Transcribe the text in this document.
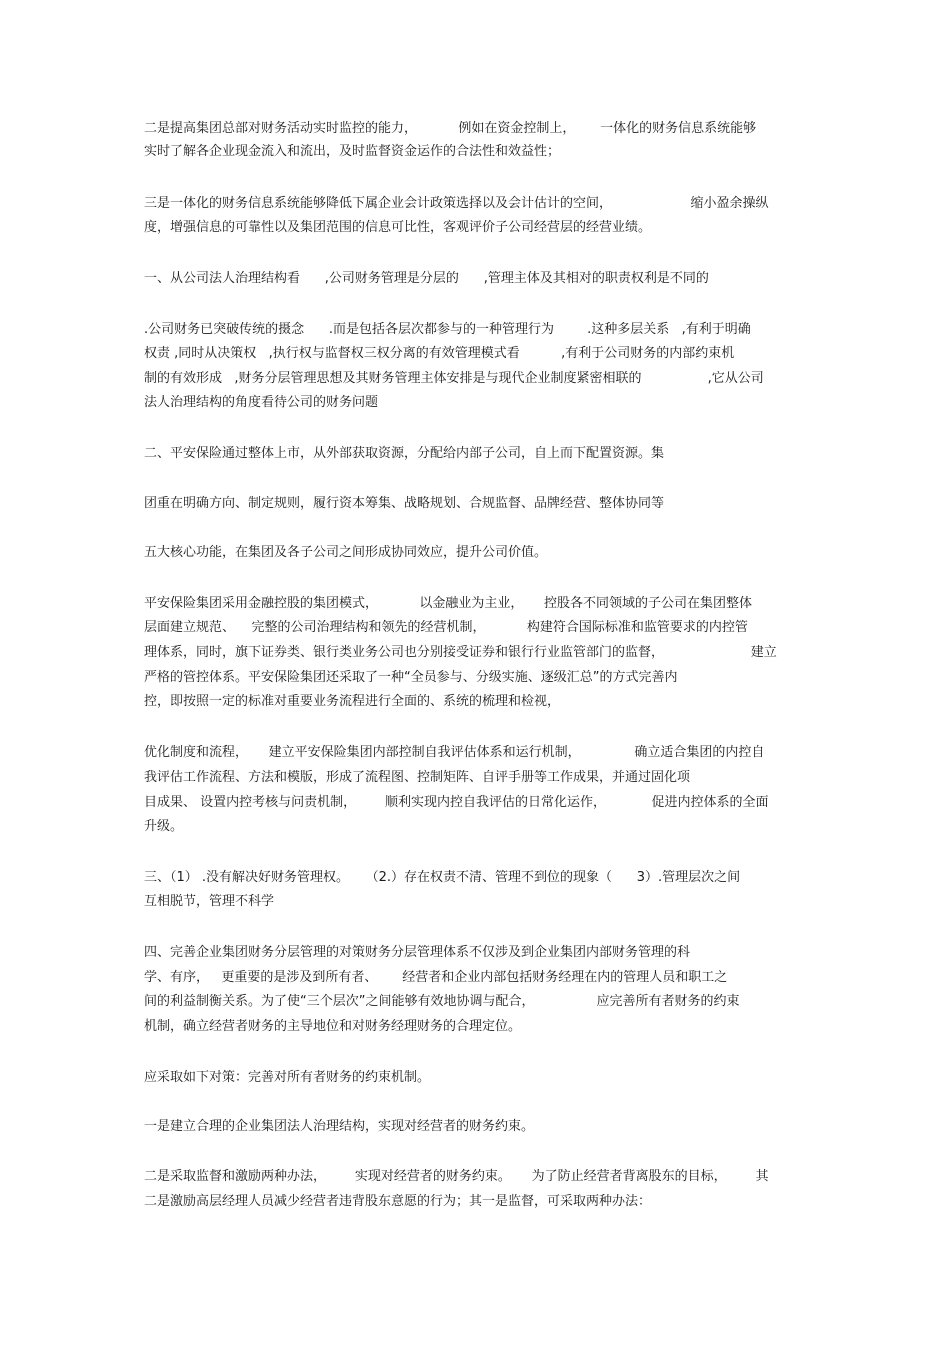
二是提高集团总部对财务活动实时监控的能力，          例如在资金控制上，      一体化的财务信息系统能够
实时了解各企业现金流入和流出，及时监督资金运作的合法性和效益性；
三是一体化的财务信息系统能够降低下属企业会计政策选择以及会计估计的空间，                   缩小盈余操纵
度，增强信息的可靠性以及集团范围的信息可比性，客观评价子公司经营层的经营业绩。
一、从公司法人治理结构看      ,公司财务管理是分层的      ,管理主体及其相对的职责权利是不同的
.公司财务已突破传统的摄念      .而是包括各层次都参与的一种管理行为        .这种多层关系   ,有利于明确
权责 ,同时从决策权   ,执行权与监督权三权分离的有效管理模式看          ,有利于公司财务的内部约束机
制的有效形成   ,财务分层管理思想及其财务管理主体安排是与现代企业制度紧密相联的                ,它从公司
法人治理结构的角度看待公司的财务问题
二、平安保险通过整体上市，从外部获取资源，分配给内部子公司，自上而下配置资源。集
团重在明确方向、制定规则，履行资本筹集、战略规划、合规监督、品牌经营、整体协同等
五大核心功能，在集团及各子公司之间形成协同效应，提升公司价值。
平安保险集团采用金融控股的集团模式，          以金融业为主业，     控股各不同领域的子公司在集团整体
层面建立规范、    完整的公司治理结构和领先的经营机制，          构建符合国际标准和监管要求的内控管
理体系，同时，旗下证券类、银行类业务公司也分别接受证券和银行行业监管部门的监督，                     建立
严格的管控体系。平安保险集团还采取了一种“全员参与、分级实施、逐级汇总”的方式完善内
控，即按照一定的标准对重要业务流程进行全面的、系统的梳理和检视，
优化制度和流程，     建立平安保险集团内部控制自我评估体系和运行机制，             确立适合集团的内控自
我评估工作流程、方法和模版，形成了流程图、控制矩阵、自评手册等工作成果，并通过固化项
目成果、 设置内控考核与问责机制，       顺利实现内控自我评估的日常化运作，           促进内控体系的全面
升级。
三、（1） .没有解决好财务管理权。    （2.）存在权责不清、管理不到位的现象（      3）.管理层次之间
互相脱节，管理不科学
四、完善企业集团财务分层管理的对策财务分层管理体系不仅涉及到企业集团内部财务管理的科
学、有序，   更重要的是涉及到所有者、      经营者和企业内部包括财务经理在内的管理人员和职工之
间的利益制衡关系。为了使“三个层次”之间能够有效地协调与配合，               应完善所有者财务的约束
机制，确立经营者财务的主导地位和对财务经理财务的合理定位。
应采取如下对策：完善对所有者财务的约束机制。
一是建立合理的企业集团法人治理结构，实现对经营者的财务约束。
二是采取监督和激励两种办法，       实现对经营者的财务约束。     为了防止经营者背离股东的目标，       其
二是激励高层经理人员减少经营者违背股东意愿的行为；其一是监督，可采取两种办法：
